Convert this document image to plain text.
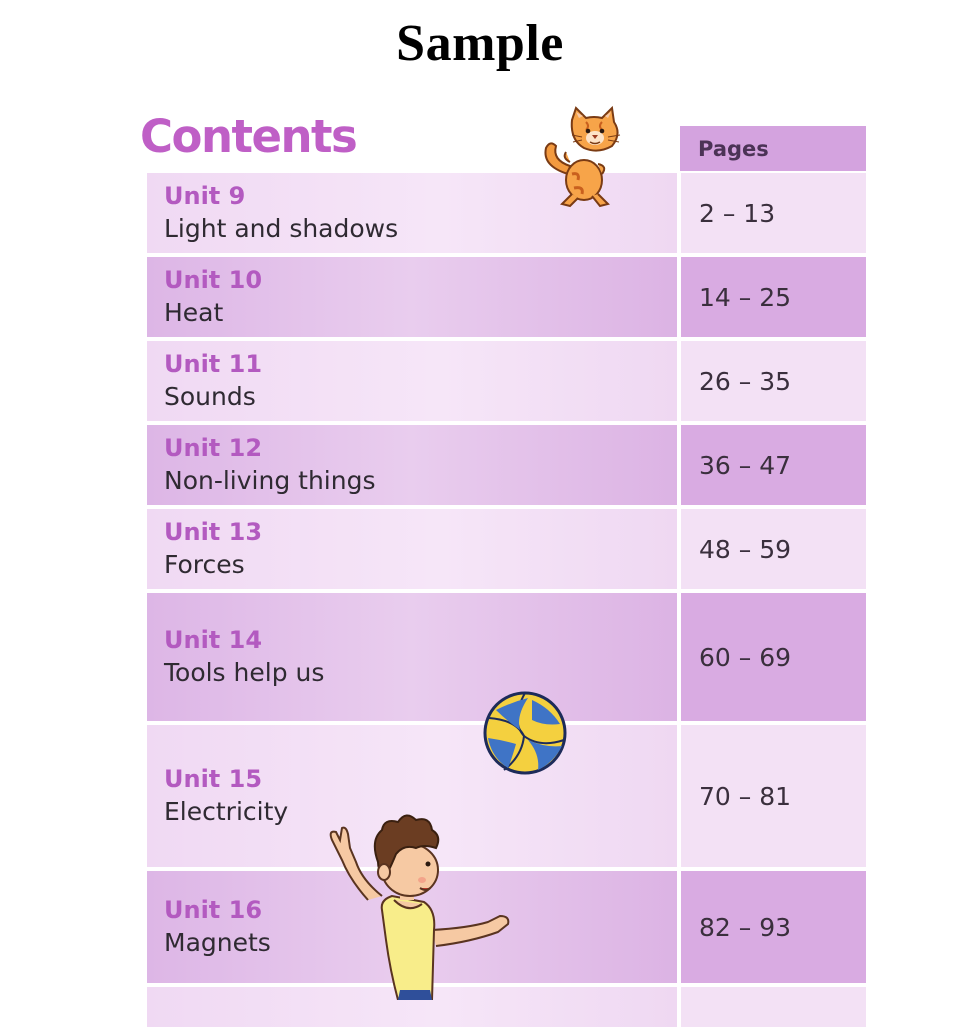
Sample
Contents	Pages
Unit 9
Light and shadows
2 – 13
Unit 10
Heat
14 – 25
Unit 11
Sounds
26 – 35
Unit 12
Non-living things
36 – 47
Unit 13
Forces
48 – 59
Unit 14
Tools help us
60 – 69
Unit 15
Electricity
70 – 81
Unit 16
Magnets
82 – 93
